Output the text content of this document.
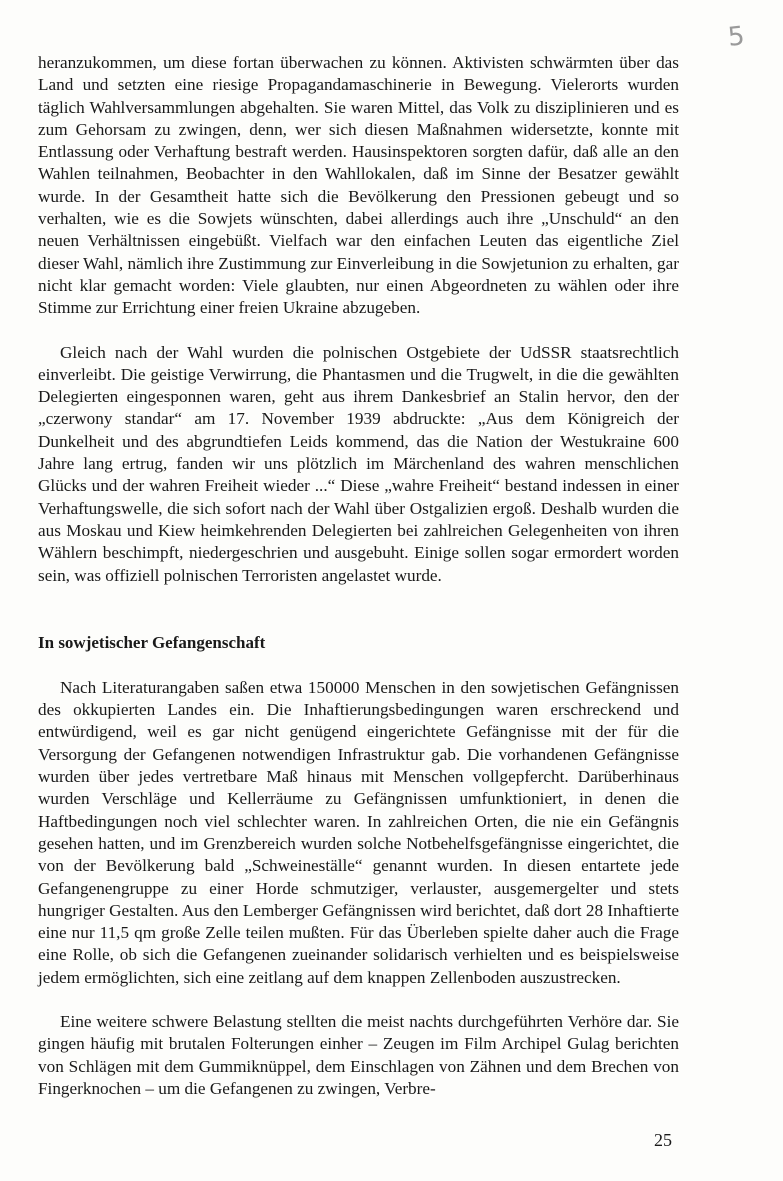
5

heranzukommen, um diese fortan überwachen zu können. Aktivisten schwärmten über das Land und setzten eine riesige Propagandamaschinerie in Bewegung. Vielerorts wurden täglich Wahlversammlungen abgehalten. Sie waren Mittel, das Volk zu disziplinieren und es zum Gehorsam zu zwingen, denn, wer sich diesen Maßnahmen widersetzte, konnte mit Entlassung oder Verhaftung bestraft werden. Hausinspektoren sorgten dafür, daß alle an den Wahlen teilnahmen, Beobachter in den Wahllokalen, daß im Sinne der Besatzer gewählt wurde. In der Gesamtheit hatte sich die Bevölkerung den Pressionen gebeugt und so verhalten, wie es die Sowjets wünschten, dabei allerdings auch ihre „Unschuld“ an den neuen Verhältnissen eingebüßt. Vielfach war den einfachen Leuten das eigentliche Ziel dieser Wahl, nämlich ihre Zustimmung zur Einverleibung in die Sowjetunion zu erhalten, gar nicht klar gemacht worden: Viele glaubten, nur einen Abgeordneten zu wählen oder ihre Stimme zur Errichtung einer freien Ukraine abzugeben.

Gleich nach der Wahl wurden die polnischen Ostgebiete der UdSSR staatsrechtlich einverleibt. Die geistige Verwirrung, die Phantasmen und die Trugwelt, in die die gewählten Delegierten eingesponnen waren, geht aus ihrem Dankesbrief an Stalin hervor, den der „czerwony standar“ am 17. November 1939 abdruckte: „Aus dem Königreich der Dunkelheit und des abgrundtiefen Leids kommend, das die Nation der Westukraine 600 Jahre lang ertrug, fanden wir uns plötzlich im Märchenland des wahren menschlichen Glücks und der wahren Freiheit wieder ...“ Diese „wahre Freiheit“ bestand indessen in einer Verhaftungswelle, die sich sofort nach der Wahl über Ostgalizien ergoß. Deshalb wurden die aus Moskau und Kiew heimkehrenden Delegierten bei zahlreichen Gelegenheiten von ihren Wählern beschimpft, niedergeschrien und ausgebuht. Einige sollen sogar ermordert worden sein, was offiziell polnischen Terroristen angelastet wurde.

In sowjetischer Gefangenschaft

Nach Literaturangaben saßen etwa 150000 Menschen in den sowjetischen Gefängnissen des okkupierten Landes ein. Die Inhaftierungsbedingungen waren erschreckend und entwürdigend, weil es gar nicht genügend eingerichtete Gefängnisse mit der für die Versorgung der Gefangenen notwendigen Infrastruktur gab. Die vorhandenen Gefängnisse wurden über jedes vertretbare Maß hinaus mit Menschen vollgepfercht. Darüberhinaus wurden Verschläge und Kellerräume zu Gefängnissen umfunktioniert, in denen die Haftbedingungen noch viel schlechter waren. In zahlreichen Orten, die nie ein Gefängnis gesehen hatten, und im Grenzbereich wurden solche Notbehelfsgefängnisse eingerichtet, die von der Bevölkerung bald „Schweineställe“ genannt wurden. In diesen entartete jede Gefangenengruppe zu einer Horde schmutziger, verlauster, ausgemergelter und stets hungriger Gestalten. Aus den Lemberger Gefängnissen wird berichtet, daß dort 28 Inhaftierte eine nur 11,5 qm große Zelle teilen mußten. Für das Überleben spielte daher auch die Frage eine Rolle, ob sich die Gefangenen zueinander solidarisch verhielten und es beispielsweise jedem ermöglichten, sich eine zeitlang auf dem knappen Zellenboden auszustrecken.

Eine weitere schwere Belastung stellten die meist nachts durchgeführten Verhöre dar. Sie gingen häufig mit brutalen Folterungen einher – Zeugen im Film Archipel Gulag berichten von Schlägen mit dem Gummiknüppel, dem Einschlagen von Zähnen und dem Brechen von Fingerknochen – um die Gefangenen zu zwingen, Verbre-

25
